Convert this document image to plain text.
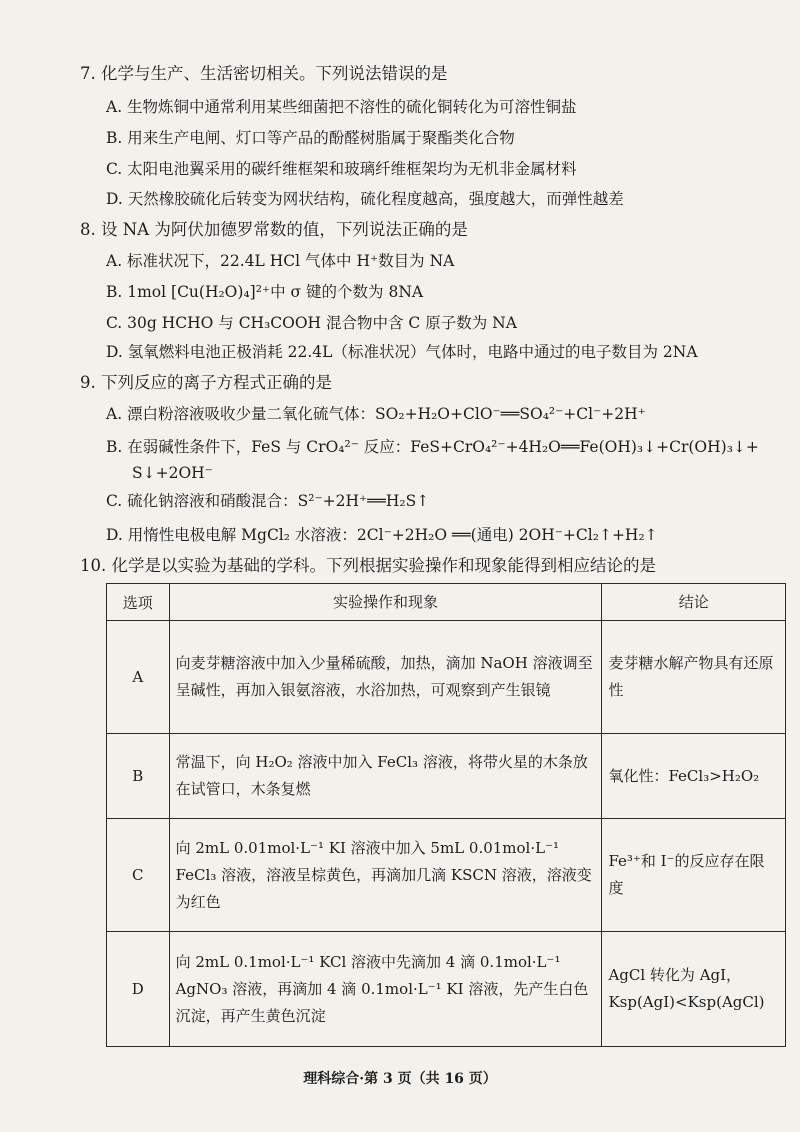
7. 化学与生产、生活密切相关。下列说法错误的是
A. 生物炼铜中通常利用某些细菌把不溶性的硫化铜转化为可溶性铜盐
B. 用来生产电闸、灯口等产品的酚醛树脂属于聚酯类化合物
C. 太阳电池翼采用的碳纤维框架和玻璃纤维框架均为无机非金属材料
D. 天然橡胶硫化后转变为网状结构，硫化程度越高，强度越大，而弹性越差
8. 设 NA 为阿伏加德罗常数的值，下列说法正确的是
A. 标准状况下，22.4L HCl 气体中 H⁺数目为 NA
B. 1mol [Cu(H₂O)₄]²⁺中 σ 键的个数为 8NA
C. 30g HCHO 与 CH₃COOH 混合物中含 C 原子数为 NA
D. 氢氧燃料电池正极消耗 22.4L（标准状况）气体时，电路中通过的电子数目为 2NA
9. 下列反应的离子方程式正确的是
A. 漂白粉溶液吸收少量二氧化硫气体：SO₂+H₂O+ClO⁻══SO₄²⁻+Cl⁻+2H⁺
B. 在弱碱性条件下，FeS 与 CrO₄²⁻ 反应：FeS+CrO₄²⁻+4H₂O══Fe(OH)₃↓+Cr(OH)₃↓+
S↓+2OH⁻
C. 硫化钠溶液和硝酸混合：S²⁻+2H⁺══H₂S↑
D. 用惰性电极电解 MgCl₂ 水溶液：2Cl⁻+2H₂O ══(通电) 2OH⁻+Cl₂↑+H₂↑
10. 化学是以实验为基础的学科。下列根据实验操作和现象能得到相应结论的是
选项	实验操作和现象	结论
A	向麦芽糖溶液中加入少量稀硫酸，加热，滴加 NaOH 溶液调至呈碱性，再加入银氨溶液，水浴加热，可观察到产生银镜	麦芽糖水解产物具有还原性
B	常温下，向 H₂O₂ 溶液中加入 FeCl₃ 溶液，将带火星的木条放在试管口，木条复燃	氧化性：FeCl₃>H₂O₂
C	向 2mL 0.01mol·L⁻¹ KI 溶液中加入 5mL 0.01mol·L⁻¹ FeCl₃ 溶液，溶液呈棕黄色，再滴加几滴 KSCN 溶液，溶液变为红色	Fe³⁺和 I⁻的反应存在限度
D	向 2mL 0.1mol·L⁻¹ KCl 溶液中先滴加 4 滴 0.1mol·L⁻¹ AgNO₃ 溶液，再滴加 4 滴 0.1mol·L⁻¹ KI 溶液，先产生白色沉淀，再产生黄色沉淀	AgCl 转化为 AgI，Ksp(AgI)<Ksp(AgCl)
理科综合·第 3 页（共 16 页）
